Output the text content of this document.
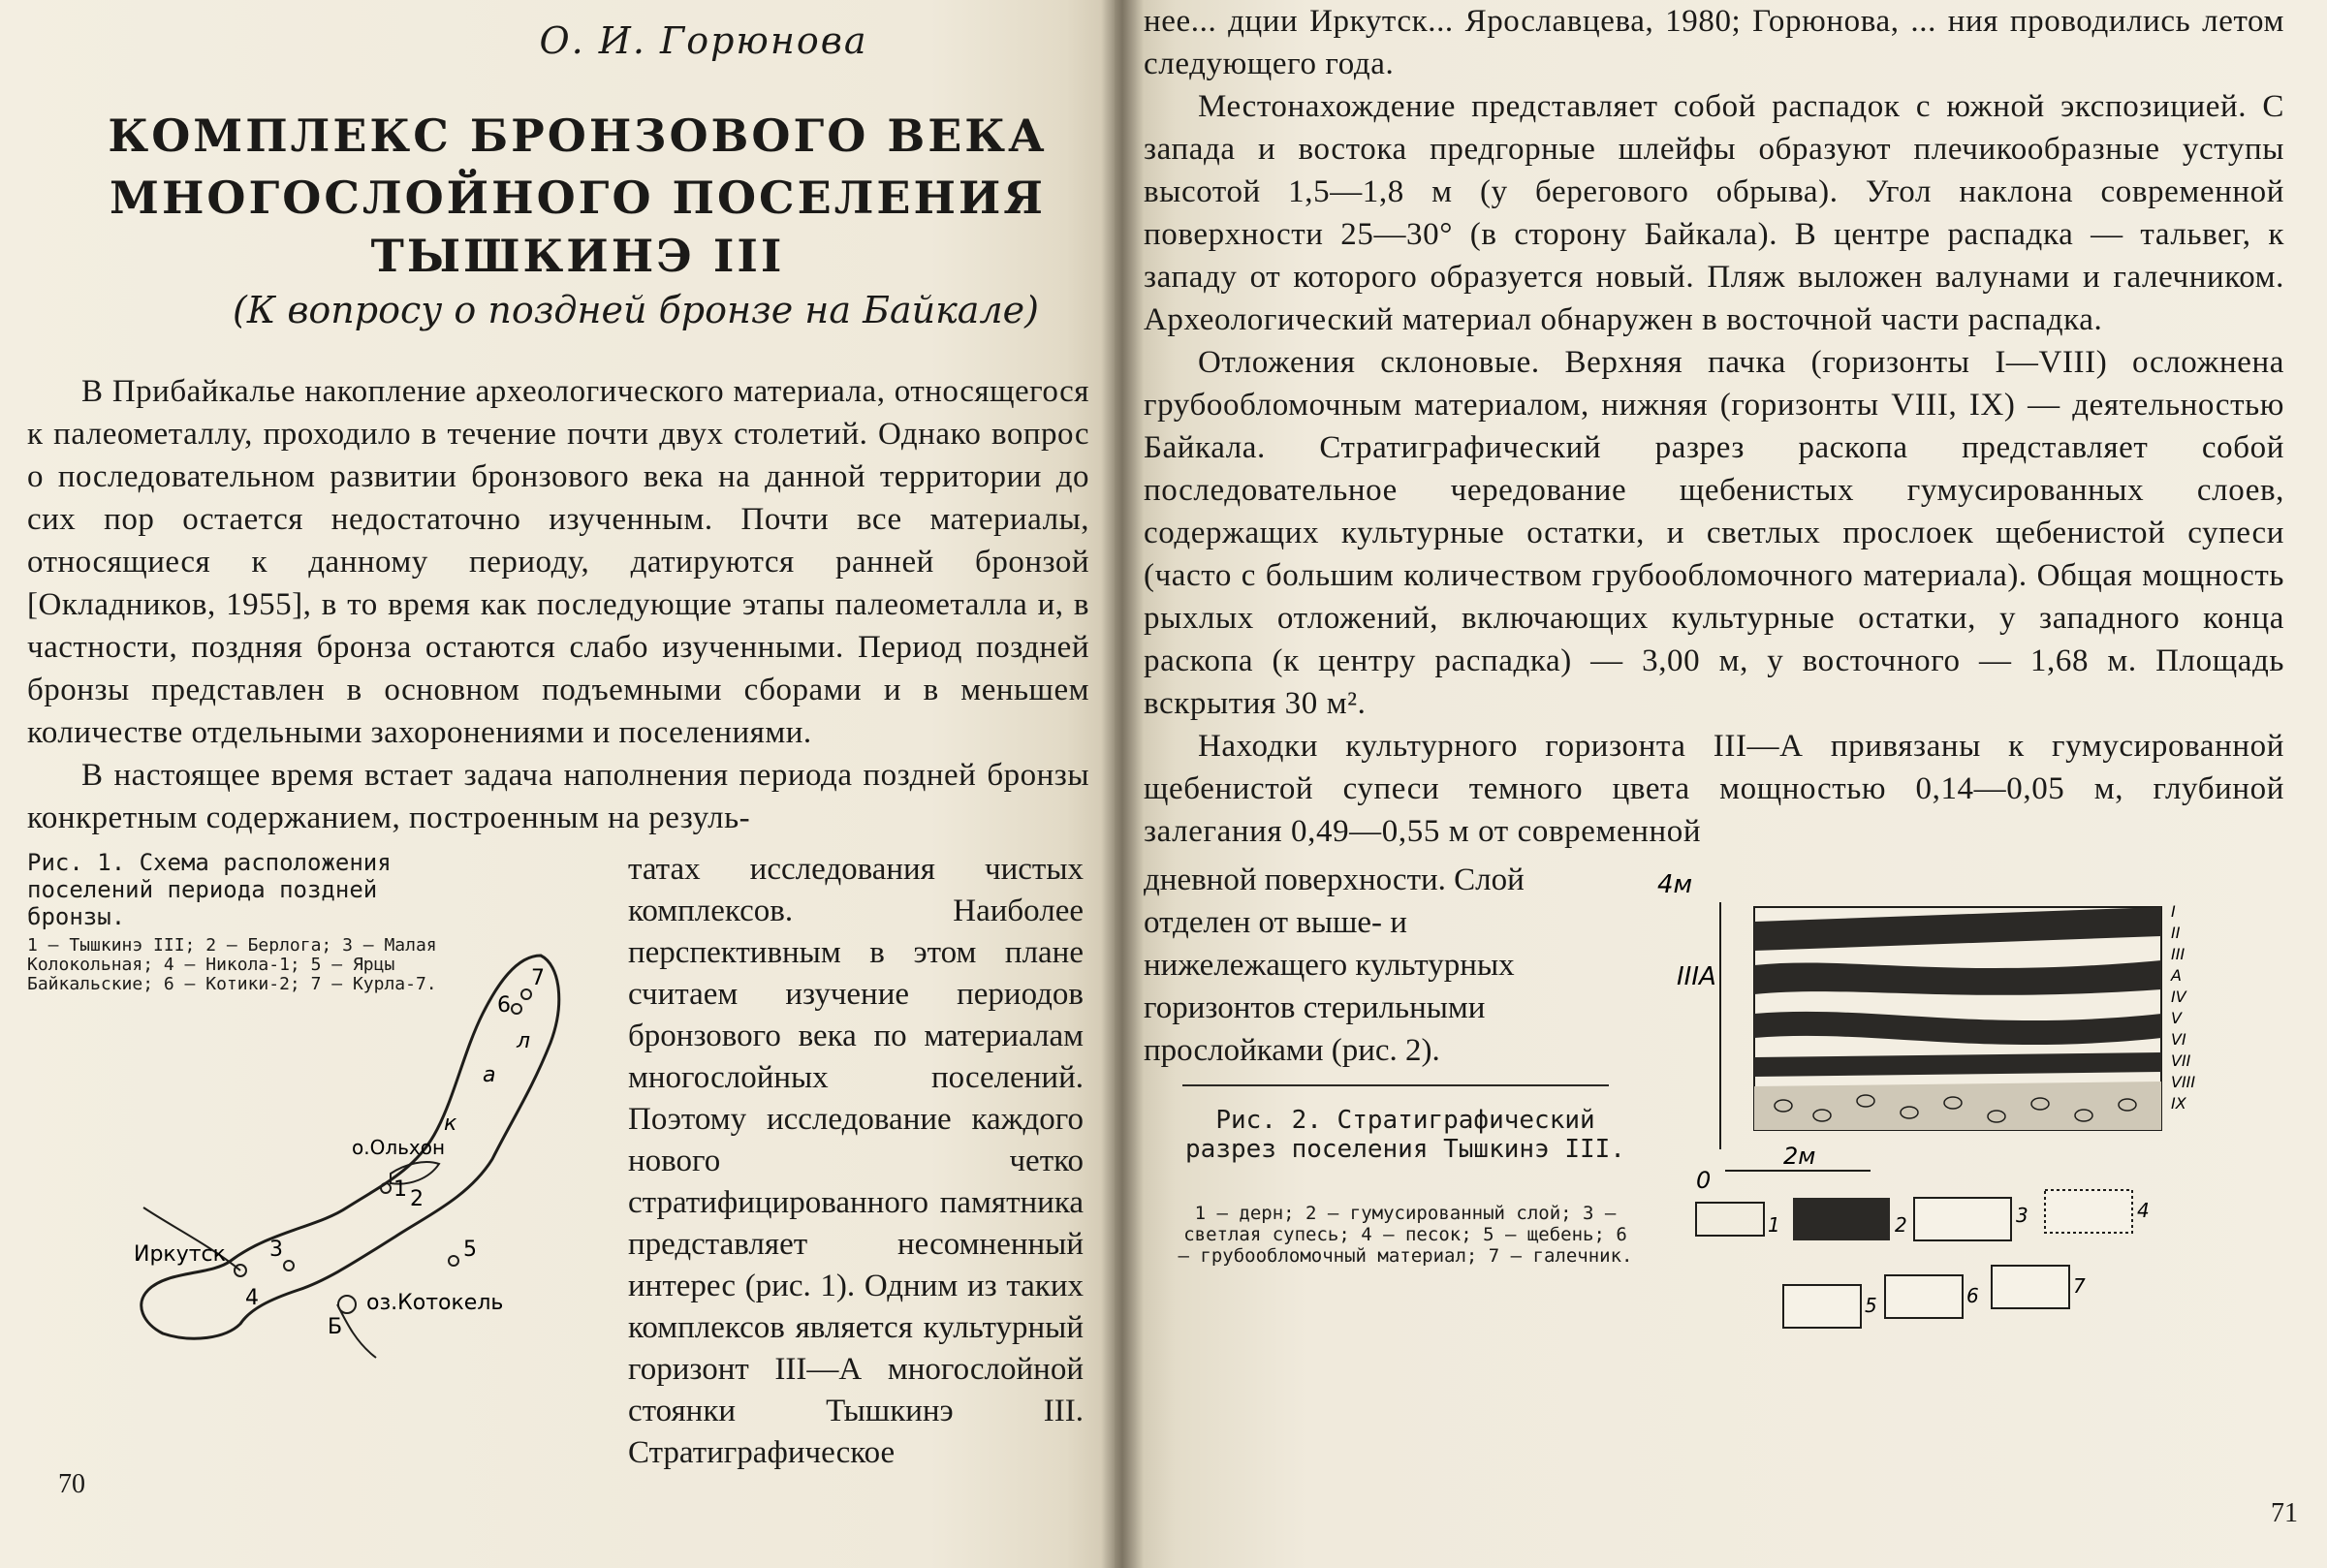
О. И. Горюнова
КОМПЛЕКС БРОНЗОВОГО ВЕКА
МНОГОСЛОЙНОГО ПОСЕЛЕНИЯ ТЫШКИНЭ III
(К вопросу о поздней бронзе на Байкале)

В Прибайкалье накопление археологического материала, относящегося к палеометаллу, проходило в течение почти двух столетий. Однако вопрос о последовательном развитии бронзового века на данной территории до сих пор остается недостаточно изученным. Почти все материалы, относящиеся к данному периоду, датируются ранней бронзой [Окладников, 1955], в то время как последующие этапы палеометалла и, в частности, поздняя бронза остаются слабо изученными. Период поздней бронзы представлен в основном подъемными сборами и в меньшем количестве отдельными захоронениями и поселениями.

В настоящее время встает задача наполнения периода поздней бронзы конкретным содержанием, построенным на резуль-

Рис. 1. Схема расположения поселений периода поздней бронзы.
1 — Тышкинэ III; 2 — Берлога; 3 — Малая Колокольная; 4 — Никола-1; 5 — Ярцы Байкальские; 6 — Котики-2; 7 — Курла-7.
Иркутск
о.Ольхон
оз.Котокель
Б
а
л
к
1 2
3
4
5
6
7
татах исследования чистых комплексов. Наиболее перспективным в этом плане считаем изучение периодов бронзового века по материалам многослойных поселений. Поэтому исследование каждого нового четко стратифицированного памятника представляет несомненный интерес (рис. 1). Одним из таких комплексов является культурный горизонт III—А многослойной стоянки Тышкинэ III. Стратиграфическое
70

нее... дции Иркутск... Ярославцева, 1980; Горюнова, ... ния проводились летом следующего года.

Местонахождение представляет собой распадок с южной экспозицией. С запада и востока предгорные шлейфы образуют плечикообразные уступы высотой 1,5—1,8 м (у берегового обрыва). Угол наклона современной поверхности 25—30° (в сторону Байкала). В центре распадка — тальвег, к западу от которого образуется новый. Пляж выложен валунами и галечником. Археологический материал обнаружен в восточной части распадка.

Отложения склоновые. Верхняя пачка (горизонты I—VIII) осложнена грубообломочным материалом, нижняя (горизонты VIII, IX) — деятельностью Байкала. Стратиграфический разрез раскопа представляет собой последовательное чередование щебенистых гумусированных слоев, содержащих культурные остатки, и светлых прослоек щебенистой супеси (часто с большим количеством грубообломочного материала). Общая мощность рыхлых отложений, включающих культурные остатки, у западного конца раскопа (к центру распадка) — 3,00 м, у восточного — 1,68 м. Площадь вскрытия 30 м².

Находки культурного горизонта III—А привязаны к гумусированной щебенистой супеси темного цвета мощностью 0,14—0,05 м, глубиной залегания 0,49—0,55 м от современной

дневной поверхности. Слой отделен от выше- и нижележащего культурных горизонтов стерильными прослойками (рис. 2).
Рис. 2. Стратиграфический разрез поселения Тышкинэ III.
1 — дерн; 2 — гумусированный слой; 3 — светлая супесь; 4 — песок; 5 — щебень; 6 — грубообломочный материал; 7 — галечник.
4м
IIIА
I
II
III
А
IV
V
VI
VII
VIII
IX
0
2м
1	2	3	4
5	6	7
71
